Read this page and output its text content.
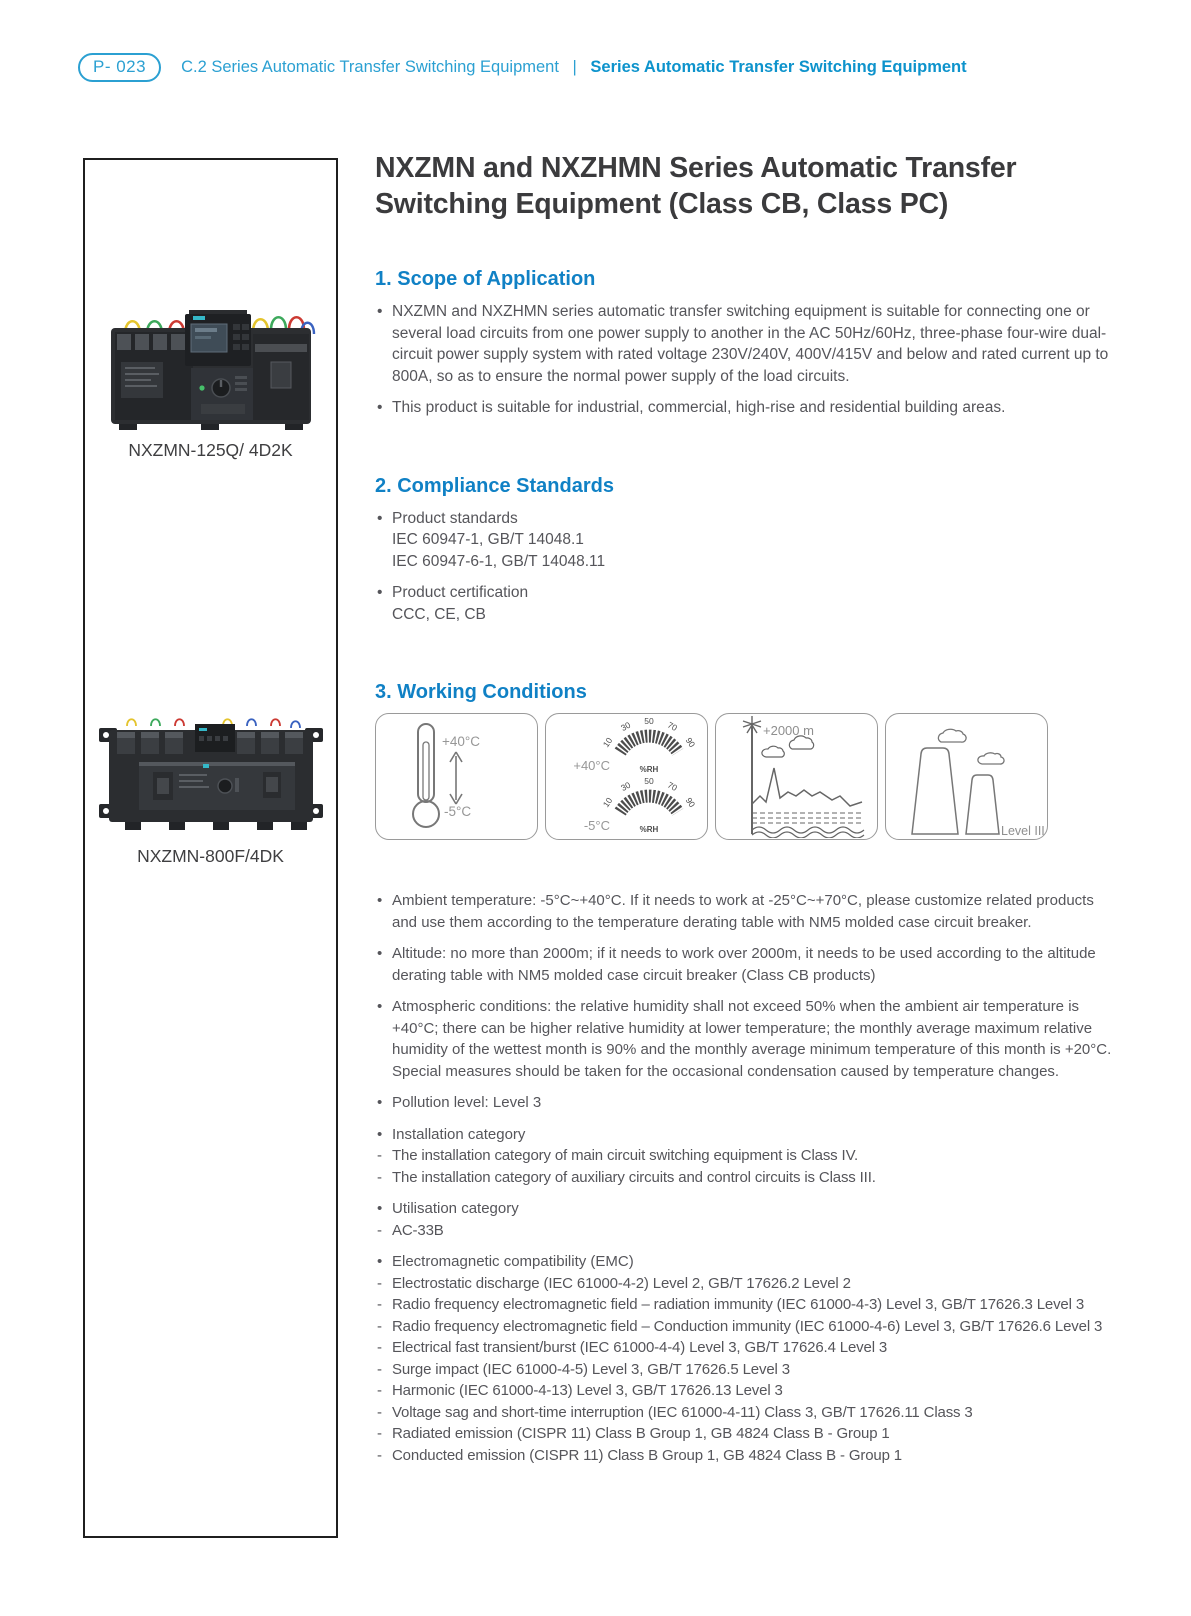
P- 023	C.2 Series Automatic Transfer Switching Equipment | Series Automatic Transfer Switching Equipment
NXZMN-125Q/ 4D2K
NXZMN-800F/4DK
NXZMN and NXZHMN Series Automatic Transfer
Switching Equipment (Class CB, Class PC)
1. Scope of Application

• NXZMN and NXZHMN series automatic transfer switching equipment is suitable for connecting one or several load circuits from one power supply to another in the AC 50Hz/60Hz, three-phase four-wire dual-circuit power supply system with rated voltage 230V/240V, 400V/415V and below and rated current up to 800A, so as to ensure the normal power supply of the load circuits.

• This product is suitable for industrial, commercial, high-rise and residential building areas.

2. Compliance Standards

• Product standards

IEC 60947-1, GB/T 14048.1

IEC 60947-6-1, GB/T 14048.11

• Product certification

CCC, CE, CB

3. Working Conditions
+40°C
-5°C
10
30 50 70
90
%RH
+40°C
10
30 50 70
90
%RH
-5°C
+2000 m
Level III
• Ambient temperature: -5°C~+40°C. If it needs to work at -25°C~+70°C, please customize related products and use them according to the temperature derating table with NM5 molded case circuit breaker.
• Altitude: no more than 2000m; if it needs to work over 2000m, it needs to be used according to the altitude derating table with NM5 molded case circuit breaker (Class CB products)
• Atmospheric conditions: the relative humidity shall not exceed 50% when the ambient air temperature is +40°C; there can be higher relative humidity at lower temperature; the monthly average maximum relative humidity of the wettest month is 90% and the monthly average minimum temperature of this month is +20°C. Special measures should be taken for the occasional condensation caused by temperature changes.
• Pollution level: Level 3
• Installation category
- The installation category of main circuit switching equipment is Class IV.
- The installation category of auxiliary circuits and control circuits is Class III.
• Utilisation category
- AC-33B
• Electromagnetic compatibility (EMC)
- Electrostatic discharge (IEC 61000-4-2) Level 2, GB/T 17626.2 Level 2
- Radio frequency electromagnetic field – radiation immunity (IEC 61000-4-3) Level 3, GB/T 17626.3 Level 3
- Radio frequency electromagnetic field – Conduction immunity (IEC 61000-4-6) Level 3, GB/T 17626.6 Level 3
- Electrical fast transient/burst (IEC 61000-4-4) Level 3, GB/T 17626.4 Level 3
- Surge impact (IEC 61000-4-5) Level 3, GB/T 17626.5 Level 3
- Harmonic (IEC 61000-4-13) Level 3, GB/T 17626.13 Level 3
- Voltage sag and short-time interruption (IEC 61000-4-11) Class 3, GB/T 17626.11 Class 3
- Radiated emission (CISPR 11) Class B Group 1, GB 4824 Class B - Group 1
- Conducted emission (CISPR 11) Class B Group 1, GB 4824 Class B - Group 1
